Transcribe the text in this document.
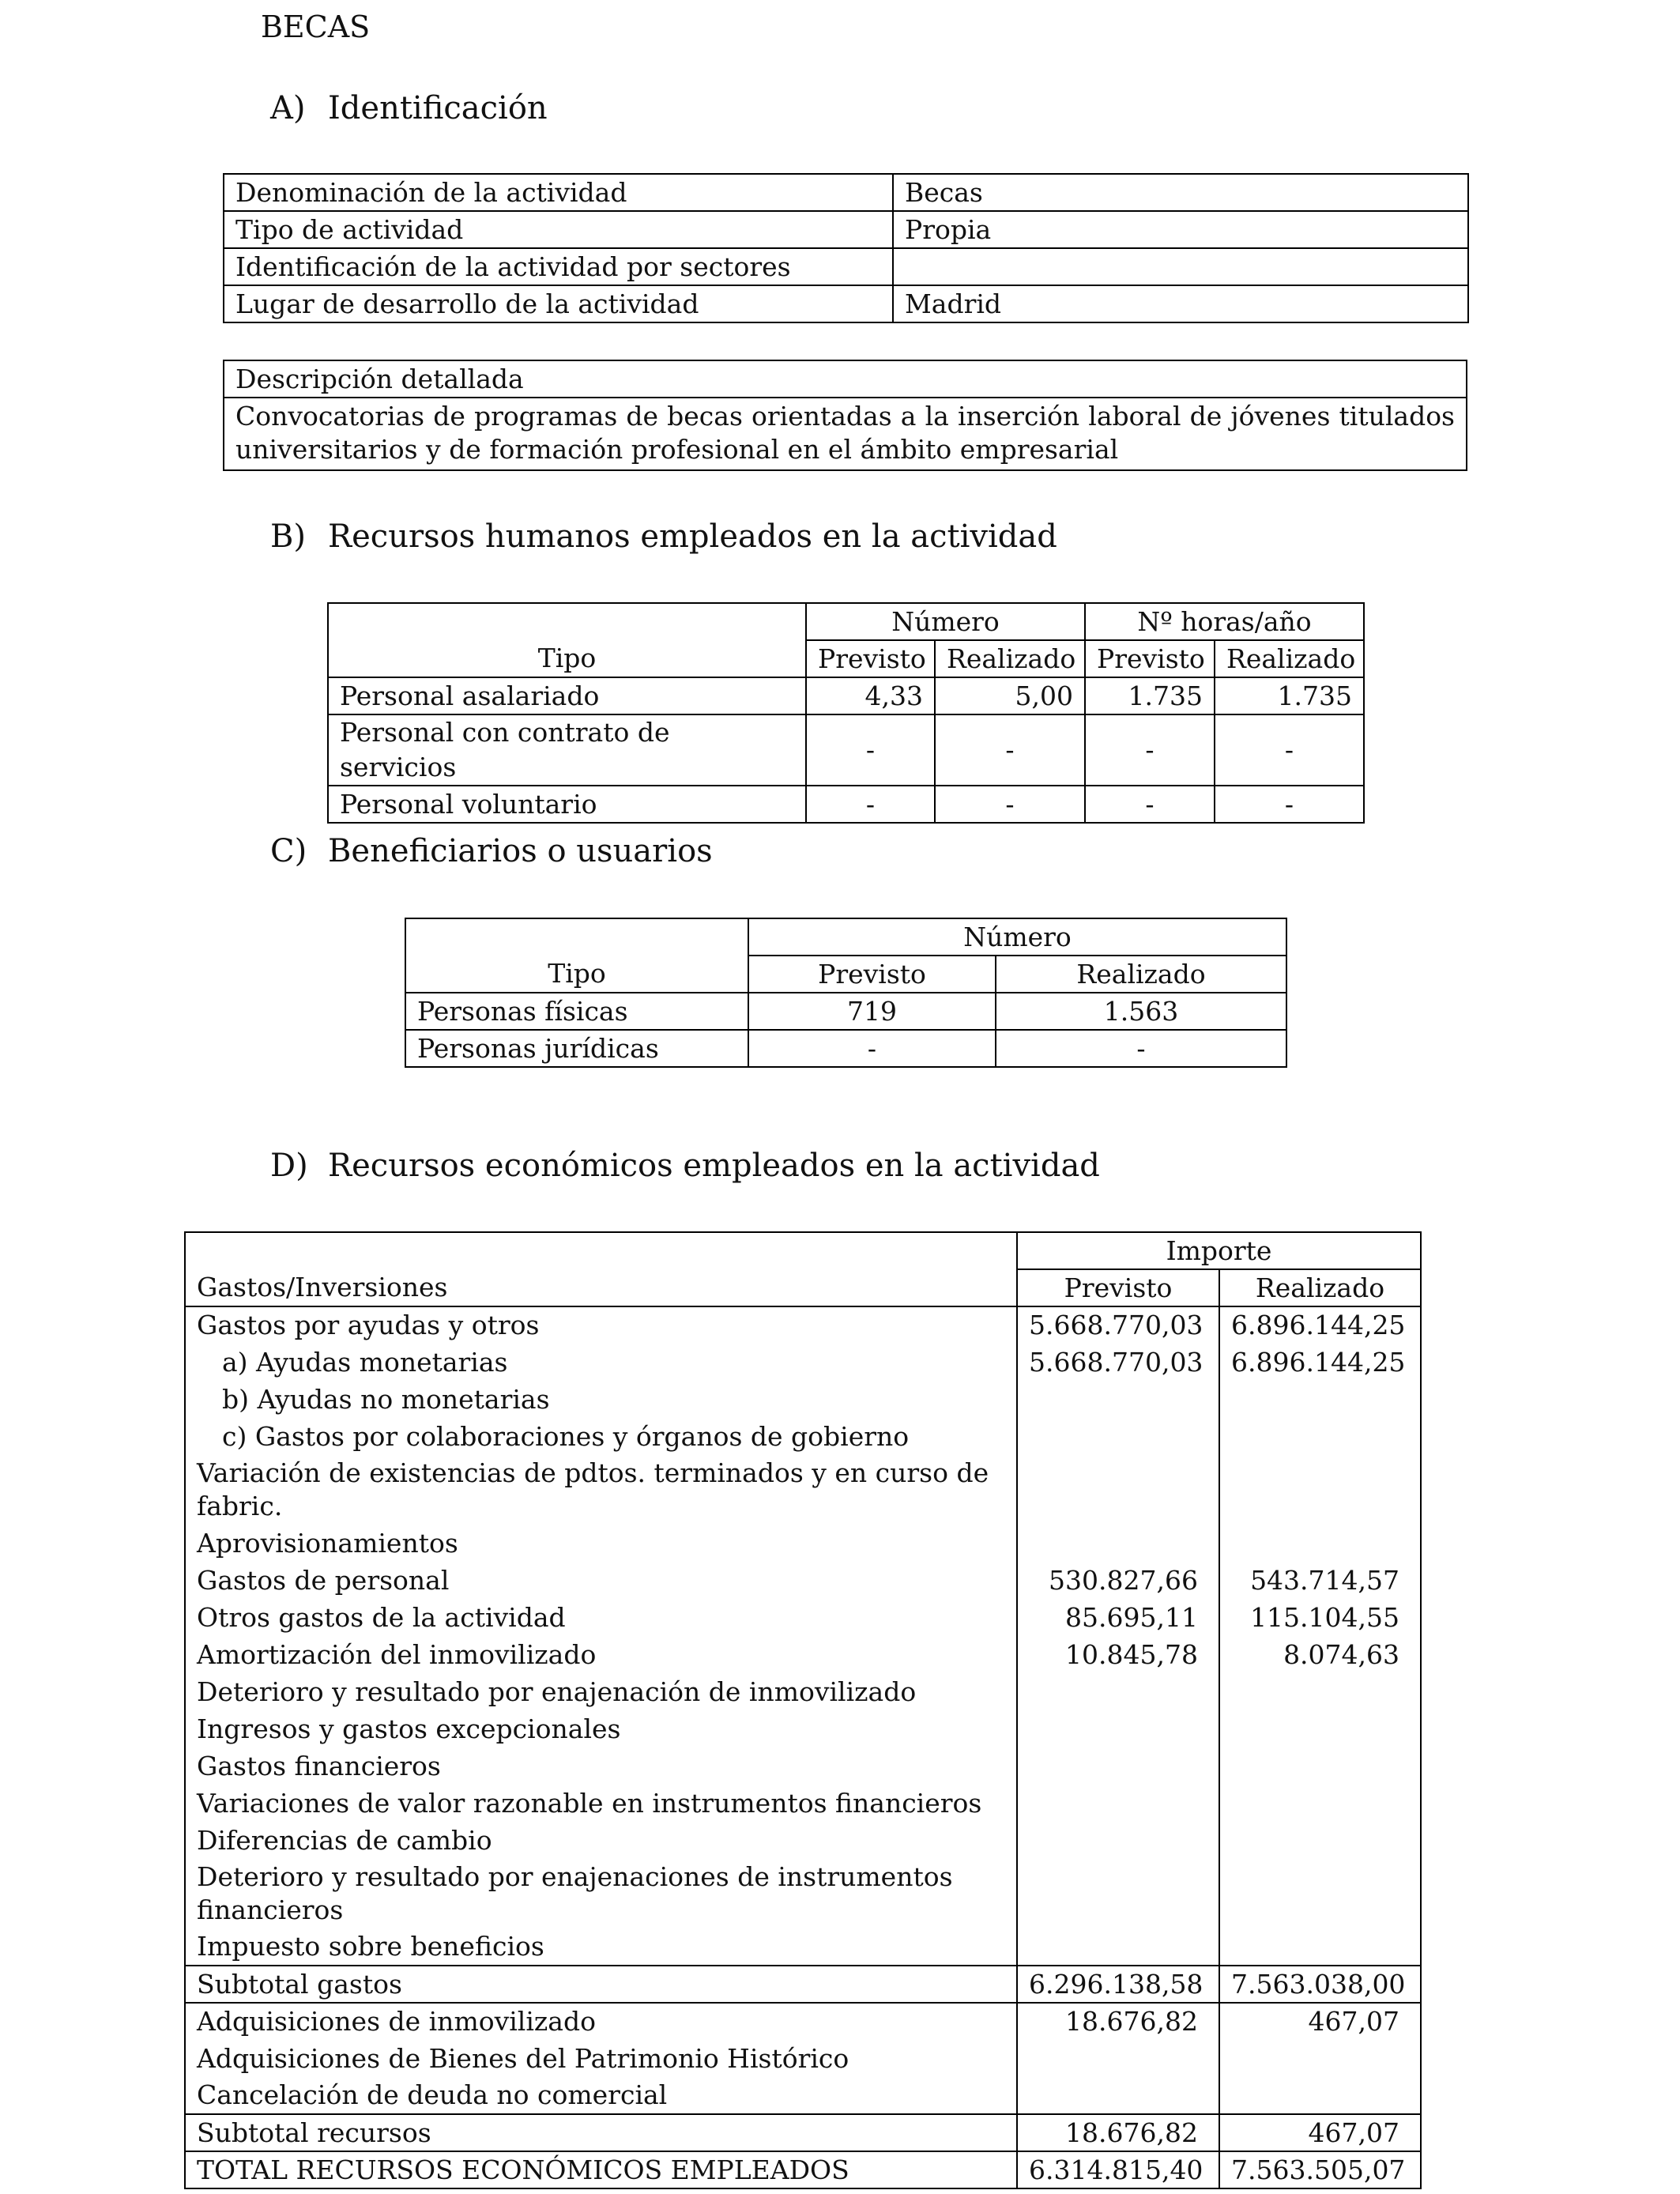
BECAS
A) Identificación
Denominación de la actividad	Becas
Tipo de actividad	Propia
Identificación de la actividad por sectores	
Lugar de desarrollo de la actividad	Madrid
Descripción detallada
Convocatorias de programas de becas orientadas a la inserción laboral de jóvenes titulados universitarios y de formación profesional en el ámbito empresarial
B) Recursos humanos empleados en la actividad
	Número		Nº horas/año	
Tipo	Previsto	Realizado	Previsto	Realizado
Personal asalariado	4,33	5,00	1.735	1.735
Personal con contrato de servicios	-	-	-	-
Personal voluntario	-	-	-	-
C) Beneficiarios o usuarios
	Número	
Tipo	Previsto	Realizado
Personas físicas	719	1.563
Personas jurídicas	-	-
D) Recursos económicos empleados en la actividad
	Importe	
Gastos/Inversiones	Previsto	Realizado
Gastos por ayudas y otros	5.668.770,03	6.896.144,25
a) Ayudas monetarias	5.668.770,03	6.896.144,25
b) Ayudas no monetarias		
c) Gastos por colaboraciones y órganos de gobierno		
Variación de existencias de pdtos. terminados y en curso de fabric.		
Aprovisionamientos		
Gastos de personal	530.827,66	543.714,57
Otros gastos de la actividad	85.695,11	115.104,55
Amortización del inmovilizado	10.845,78	8.074,63
Deterioro y resultado por enajenación de inmovilizado		
Ingresos y gastos excepcionales		
Gastos financieros		
Variaciones de valor razonable en instrumentos financieros		
Diferencias de cambio		
Deterioro y resultado por enajenaciones de instrumentos financieros		
Impuesto sobre beneficios		
Subtotal gastos	6.296.138,58	7.563.038,00
Adquisiciones de inmovilizado	18.676,82	467,07
Adquisiciones de Bienes del Patrimonio Histórico		
Cancelación de deuda no comercial		
Subtotal recursos	18.676,82	467,07
TOTAL RECURSOS ECONÓMICOS EMPLEADOS	6.314.815,40	7.563.505,07
